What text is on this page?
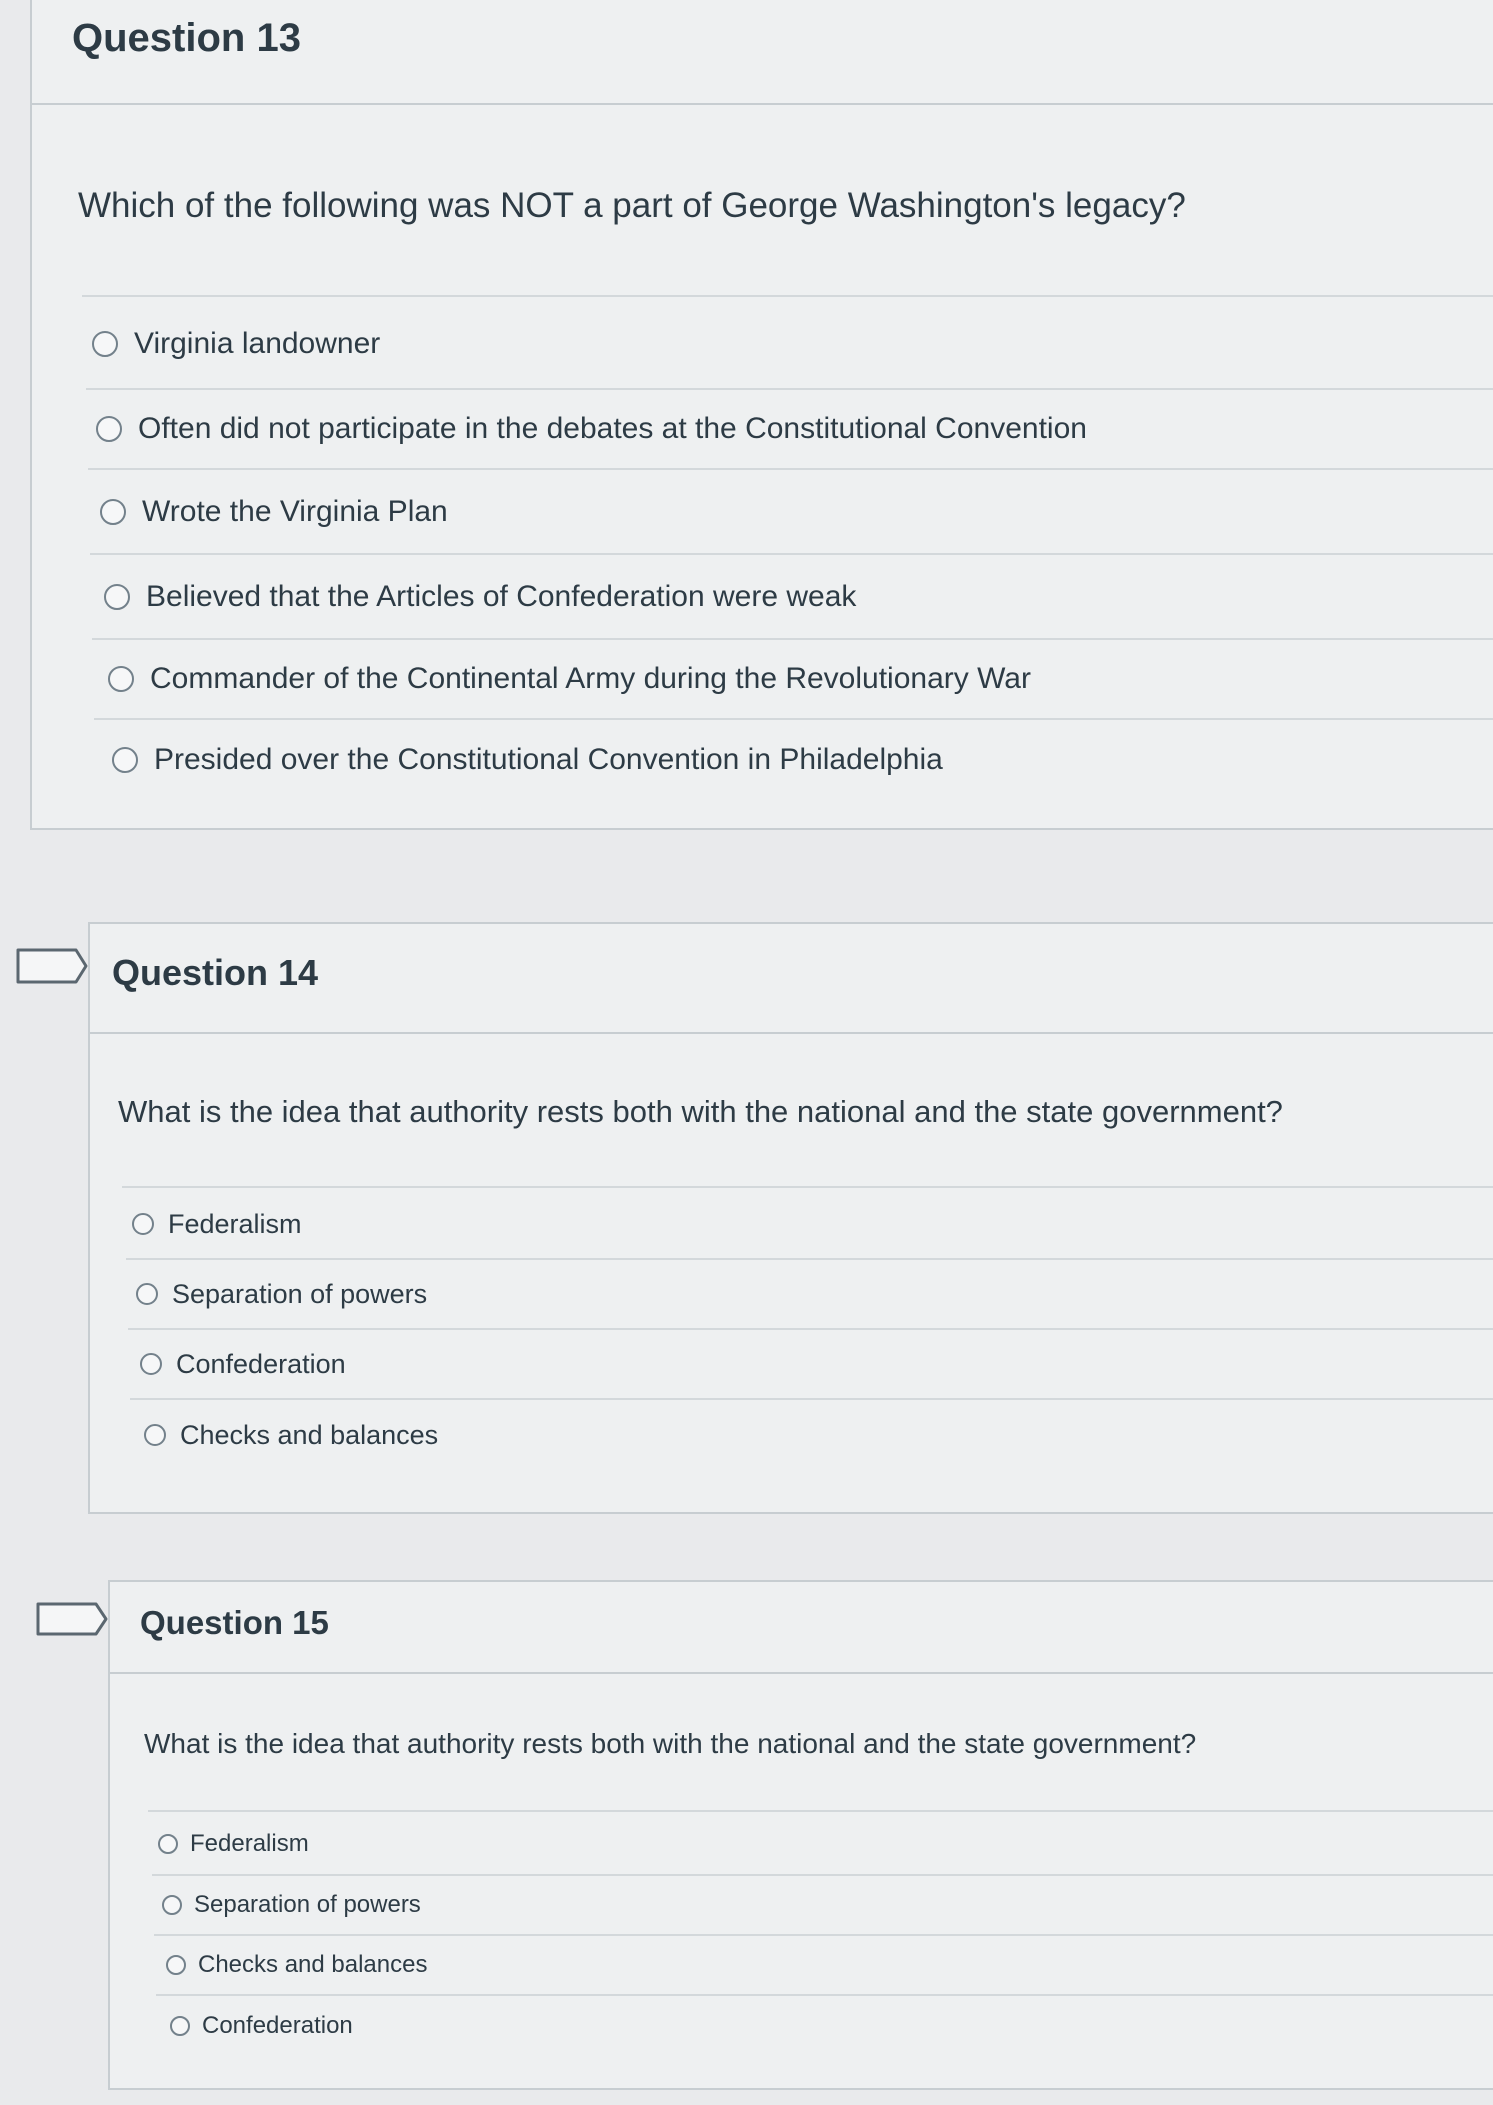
Question 13
Which of the following was NOT a part of George Washington's legacy?
Virginia landowner
Often did not participate in the debates at the Constitutional Convention
Wrote the Virginia Plan
Believed that the Articles of Confederation were weak
Commander of the Continental Army during the Revolutionary War
Presided over the Constitutional Convention in Philadelphia
Question 14
What is the idea that authority rests both with the national and the state government?
Federalism
Separation of powers
Confederation
Checks and balances
Question 15
What is the idea that authority rests both with the national and the state government?
Federalism
Separation of powers
Checks and balances
Confederation
